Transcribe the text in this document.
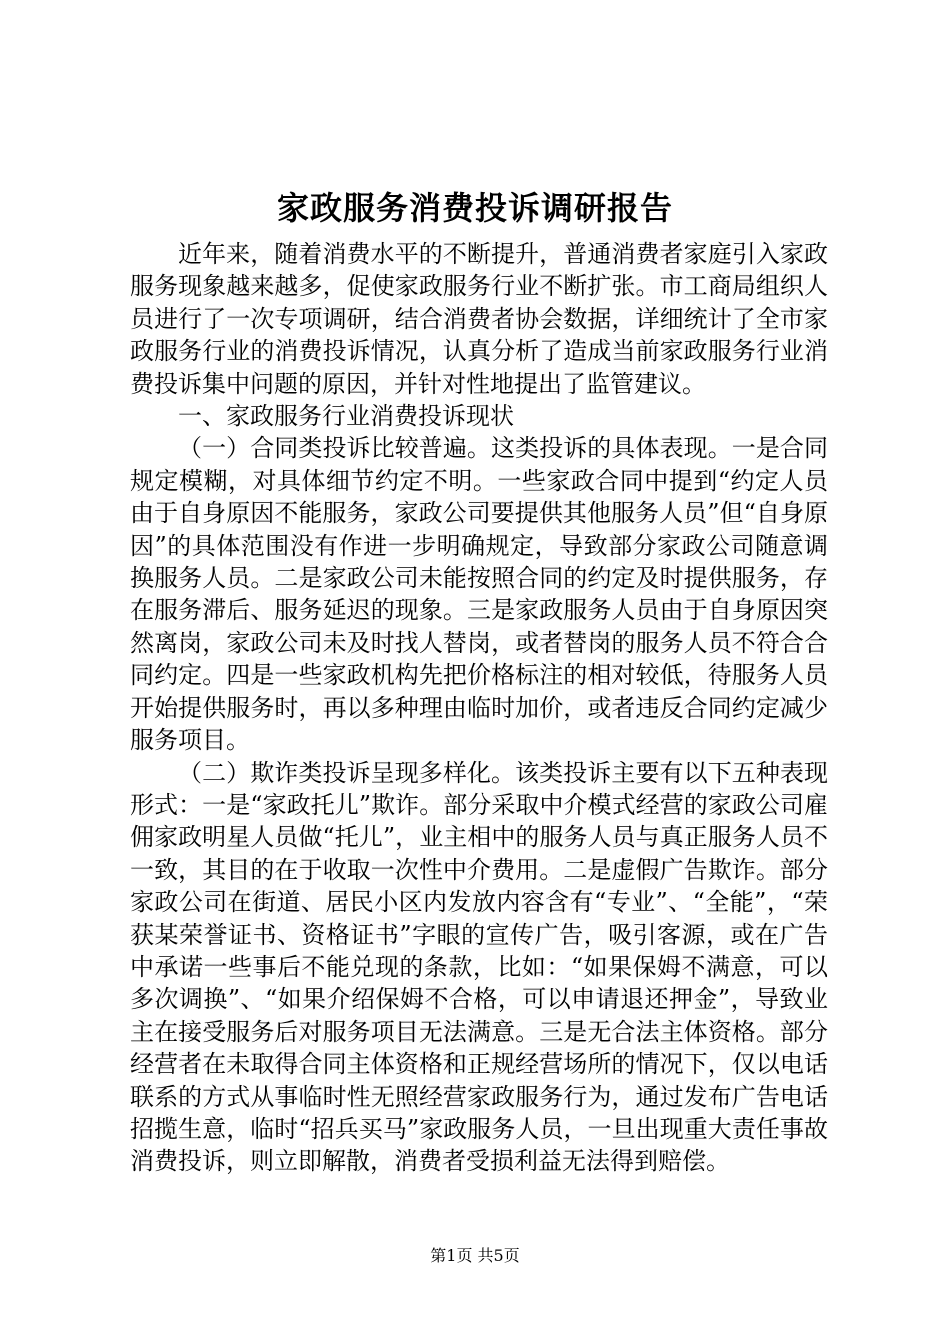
家政服务消费投诉调研报告

近年来，随着消费水平的不断提升，普通消费者家庭引入家政服务现象越来越多，促使家政服务行业不断扩张。市工商局组织人员进行了一次专项调研，结合消费者协会数据，详细统计了全市家政服务行业的消费投诉情况，认真分析了造成当前家政服务行业消费投诉集中问题的原因，并针对性地提出了监管建议。

一、家政服务行业消费投诉现状

（一）合同类投诉比较普遍。这类投诉的具体表现。一是合同规定模糊，对具体细节约定不明。一些家政合同中提到“约定人员由于自身原因不能服务，家政公司要提供其他服务人员”但“自身原因”的具体范围没有作进一步明确规定，导致部分家政公司随意调换服务人员。二是家政公司未能按照合同的约定及时提供服务，存在服务滞后、服务延迟的现象。三是家政服务人员由于自身原因突然离岗，家政公司未及时找人替岗，或者替岗的服务人员不符合合同约定。四是一些家政机构先把价格标注的相对较低，待服务人员开始提供服务时，再以多种理由临时加价，或者违反合同约定减少服务项目。

（二）欺诈类投诉呈现多样化。该类投诉主要有以下五种表现形式：一是“家政托儿”欺诈。部分采取中介模式经营的家政公司雇佣家政明星人员做“托儿”，业主相中的服务人员与真正服务人员不一致，其目的在于收取一次性中介费用。二是虚假广告欺诈。部分家政公司在街道、居民小区内发放内容含有“专业”、“全能”，“荣获某荣誉证书、资格证书”字眼的宣传广告，吸引客源，或在广告中承诺一些事后不能兑现的条款，比如：“如果保姆不满意，可以多次调换”、“如果介绍保姆不合格，可以申请退还押金”，导致业主在接受服务后对服务项目无法满意。三是无合法主体资格。部分经营者在未取得合同主体资格和正规经营场所的情况下，仅以电话联系的方式从事临时性无照经营家政服务行为，通过发布广告电话招揽生意，临时“招兵买马”家政服务人员，一旦出现重大责任事故消费投诉，则立即解散，消费者受损利益无法得到赔偿。

第1页 共5页
